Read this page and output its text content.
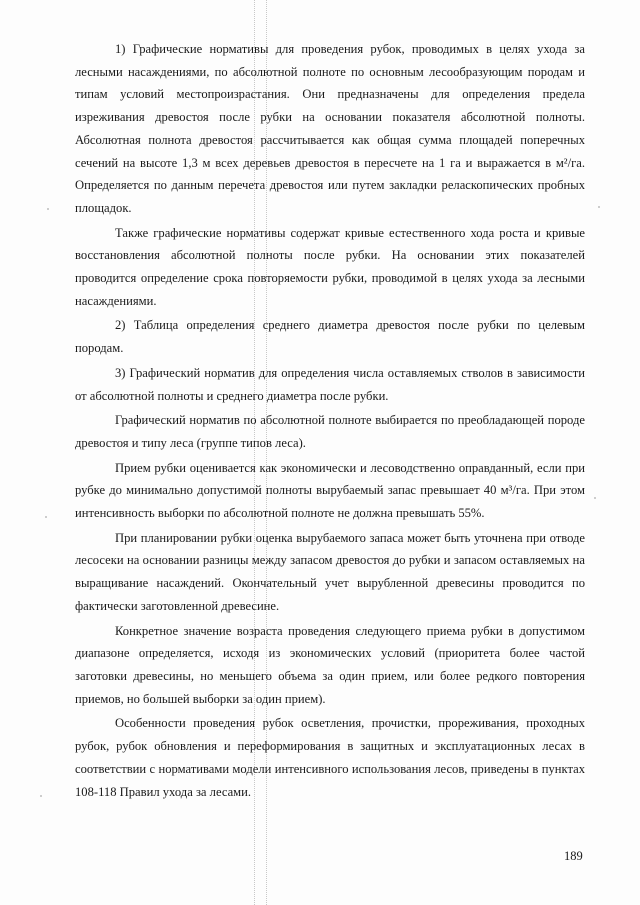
1) Графические нормативы для проведения рубок, проводимых в целях ухода за лесными насаждениями, по абсолютной полноте по основным лесообразующим породам и типам условий местопроизрастания. Они предназначены для определения предела изреживания древостоя после рубки на основании показателя абсолютной полноты. Абсолютная полнота древостоя рассчитывается как общая сумма площадей поперечных сечений на высоте 1,3 м всех деревьев древостоя в пересчете на 1 га и выражается в м²/га. Определяется по данным перечета древостоя или путем закладки реласкопических пробных площадок.

Также графические нормативы содержат кривые естественного хода роста и кривые восстановления абсолютной полноты после рубки. На основании этих показателей проводится определение срока повторяемости рубки, проводимой в целях ухода за лесными насаждениями.

2) Таблица определения среднего диаметра древостоя после рубки по целевым породам.

3) Графический норматив для определения числа оставляемых стволов в зависимости от абсолютной полноты и среднего диаметра после рубки.

Графический норматив по абсолютной полноте выбирается по преобладающей породе древостоя и типу леса (группе типов леса).

Прием рубки оценивается как экономически и лесоводственно оправданный, если при рубке до минимально допустимой полноты вырубаемый запас превышает 40 м³/га. При этом интенсивность выборки по абсолютной полноте не должна превышать 55%.

При планировании рубки оценка вырубаемого запаса может быть уточнена при отводе лесосеки на основании разницы между запасом древостоя до рубки и запасом оставляемых на выращивание насаждений. Окончательный учет вырубленной древесины проводится по фактически заготовленной древесине.

Конкретное значение возраста проведения следующего приема рубки в допустимом диапазоне определяется, исходя из экономических условий (приоритета более частой заготовки древесины, но меньшего объема за один прием, или более редкого повторения приемов, но большей выборки за один прием).

Особенности проведения рубок осветления, прочистки, прореживания, проходных рубок, рубок обновления и переформирования в защитных и эксплуатационных лесах в соответствии с нормативами модели интенсивного использования лесов, приведены в пунктах 108-118 Правил ухода за лесами.

189
